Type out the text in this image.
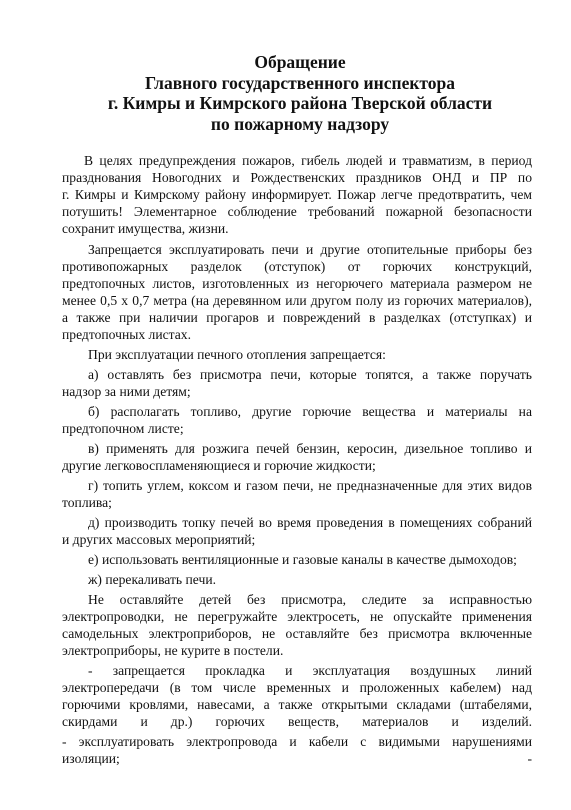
Обращение
Главного государственного инспектора
г. Кимры и Кимрского района Тверской области
по пожарному надзору
В целях предупреждения пожаров, гибель людей и травматизм, в период
празднования Новогодних и Рождественских праздников ОНД и ПР по
г. Кимры и Кимрскому району информирует. Пожар легче предотвратить, чем
потушить! Элементарное соблюдение требований пожарной безопасности
сохранит имущества, жизни.
Запрещается эксплуатировать печи и другие отопительные приборы без
противопожарных разделок (отступок) от горючих конструкций,
предтопочных листов, изготовленных из негорючего материала размером не
менее 0,5 х 0,7 метра (на деревянном или другом полу из горючих материалов),
а также при наличии прогаров и повреждений в разделках (отступках) и
предтопочных листах.
При эксплуатации печного отопления запрещается:
а) оставлять без присмотра печи, которые топятся, а также поручать
надзор за ними детям;
б) располагать топливо, другие горючие вещества и материалы на
предтопочном листе;
в) применять для розжига печей бензин, керосин, дизельное топливо и
другие легковоспламеняющиеся и горючие жидкости;
г) топить углем, коксом и газом печи, не предназначенные для этих видов
топлива;
д) производить топку печей во время проведения в помещениях собраний
и других массовых мероприятий;
е) использовать вентиляционные и газовые каналы в качестве дымоходов;
ж) перекаливать печи.
Не оставляйте детей без присмотра, следите за исправностью
электропроводки, не перегружайте электросеть, не опускайте применения
самодельных электроприборов, не оставляйте без присмотра включенные
электроприборы, не курите в постели.
- запрещается прокладка и эксплуатация воздушных линий
электропередачи (в том числе временных и проложенных кабелем) над
горючими кровлями, навесами, а также открытыми складами (штабелями,
скирдами и др.) горючих веществ, материалов и изделий.
- эксплуатировать электропровода и кабели с видимыми нарушениями
изоляции;	-
